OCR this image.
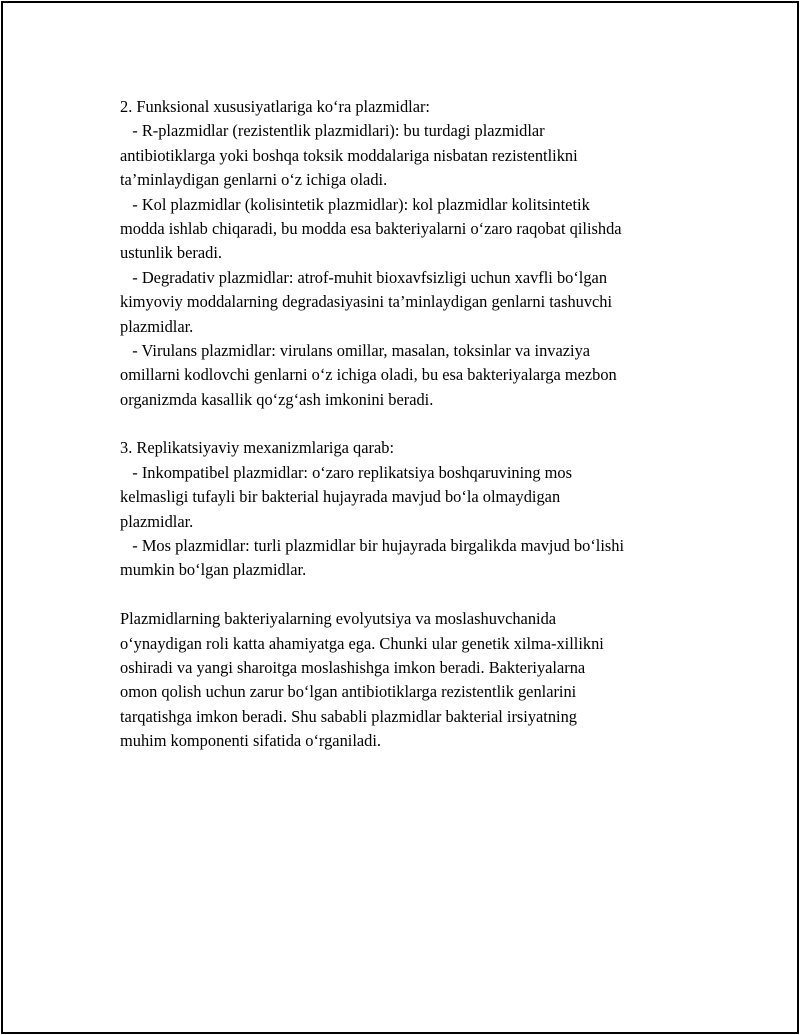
2. Funksional xususiyatlariga ko‘ra plazmidlar:
- R-plazmidlar (rezistentlik plazmidlari): bu turdagi plazmidlar
antibiotiklarga yoki boshqa toksik moddalariga nisbatan rezistentlikni
ta’minlaydigan genlarni o‘z ichiga oladi.
- Kol plazmidlar (kolisintetik plazmidlar): kol plazmidlar kolitsintetik
modda ishlab chiqaradi, bu modda esa bakteriyalarni o‘zaro raqobat qilishda
ustunlik beradi.
- Degradativ plazmidlar: atrof-muhit bioxavfsizligi uchun xavfli bo‘lgan
kimyoviy moddalarning degradasiyasini ta’minlaydigan genlarni tashuvchi
plazmidlar.
- Virulans plazmidlar: virulans omillar, masalan, toksinlar va invaziya
omillarni kodlovchi genlarni o‘z ichiga oladi, bu esa bakteriyalarga mezbon
organizmda kasallik qo‘zg‘ash imkonini beradi.
3. Replikatsiyaviy mexanizmlariga qarab:
- Inkompatibel plazmidlar: o‘zaro replikatsiya boshqaruvining mos
kelmasligi tufayli bir bakterial hujayrada mavjud bo‘la olmaydigan
plazmidlar.
- Mos plazmidlar: turli plazmidlar bir hujayrada birgalikda mavjud bo‘lishi
mumkin bo‘lgan plazmidlar.
Plazmidlarning bakteriyalarning evolyutsiya va moslashuvchanida
o‘ynaydigan roli katta ahamiyatga ega. Chunki ular genetik xilma-xillikni
oshiradi va yangi sharoitga moslashishga imkon beradi. Bakteriyalarna
omon qolish uchun zarur bo‘lgan antibiotiklarga rezistentlik genlarini
tarqatishga imkon beradi. Shu sababli plazmidlar bakterial irsiyatning
muhim komponenti sifatida o‘rganiladi.
